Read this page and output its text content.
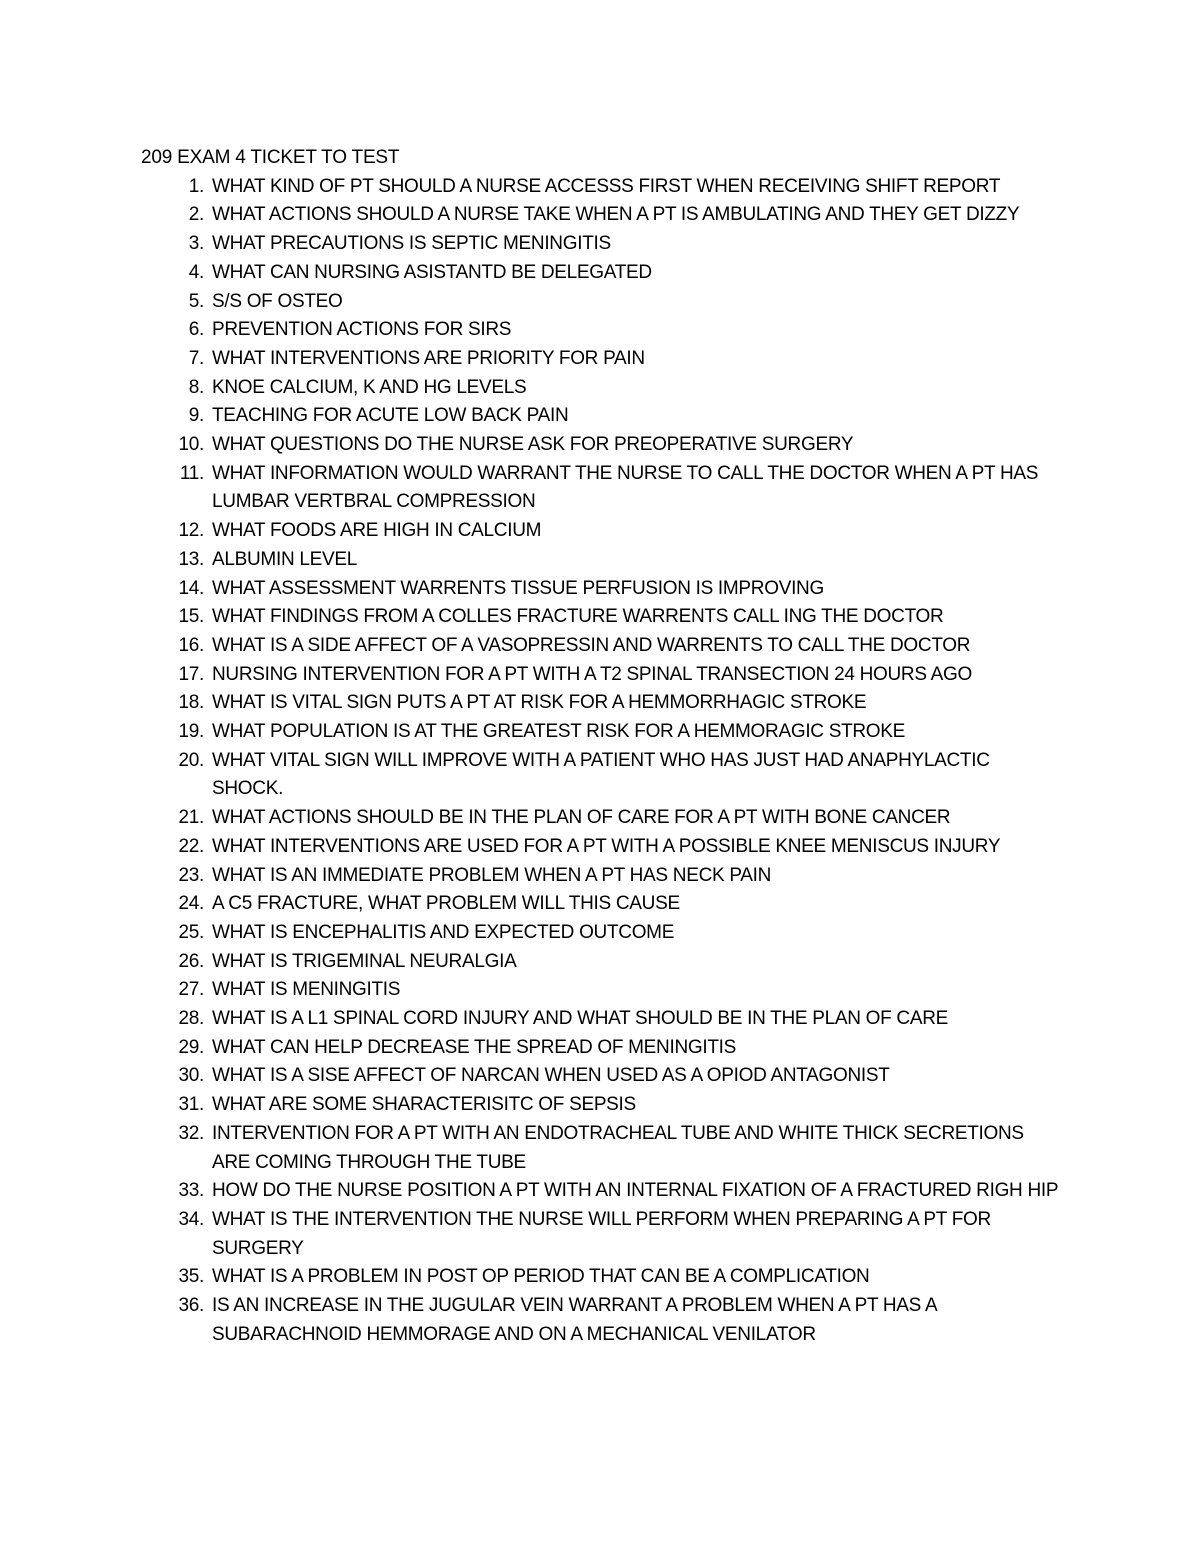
209 EXAM 4 TICKET TO TEST
1. WHAT KIND OF PT SHOULD A NURSE ACCESSS FIRST WHEN RECEIVING SHIFT REPORT
2. WHAT ACTIONS SHOULD A NURSE TAKE WHEN A PT IS AMBULATING AND THEY GET DIZZY
3. WHAT PRECAUTIONS IS SEPTIC MENINGITIS
4. WHAT CAN NURSING ASISTANTD BE DELEGATED
5. S/S OF OSTEO
6. PREVENTION ACTIONS FOR SIRS
7. WHAT INTERVENTIONS ARE PRIORITY FOR PAIN
8. KNOE CALCIUM, K AND HG LEVELS
9. TEACHING FOR ACUTE LOW BACK PAIN
10. WHAT QUESTIONS DO THE NURSE ASK FOR PREOPERATIVE SURGERY
11. WHAT INFORMATION WOULD WARRANT THE NURSE TO CALL THE DOCTOR WHEN A PT HAS LUMBAR VERTBRAL COMPRESSION
12. WHAT FOODS ARE HIGH IN CALCIUM
13. ALBUMIN LEVEL
14. WHAT ASSESSMENT WARRENTS TISSUE PERFUSION IS IMPROVING
15. WHAT FINDINGS FROM A COLLES FRACTURE WARRENTS CALL ING THE DOCTOR
16. WHAT IS A SIDE AFFECT OF A VASOPRESSIN AND WARRENTS TO CALL THE DOCTOR
17. NURSING INTERVENTION FOR A PT WITH A T2 SPINAL TRANSECTION 24 HOURS AGO
18. WHAT IS VITAL SIGN PUTS A PT AT RISK FOR A HEMMORRHAGIC STROKE
19. WHAT POPULATION IS AT THE GREATEST RISK FOR A HEMMORAGIC STROKE
20. WHAT VITAL SIGN WILL IMPROVE WITH A PATIENT WHO HAS JUST HAD ANAPHYLACTIC SHOCK.
21. WHAT ACTIONS SHOULD BE IN THE PLAN OF CARE FOR A PT WITH BONE CANCER
22. WHAT INTERVENTIONS ARE USED FOR A PT WITH A POSSIBLE KNEE MENISCUS INJURY
23. WHAT IS AN IMMEDIATE PROBLEM WHEN A PT HAS NECK PAIN
24. A C5 FRACTURE, WHAT PROBLEM WILL THIS CAUSE
25. WHAT IS ENCEPHALITIS AND EXPECTED OUTCOME
26. WHAT IS TRIGEMINAL NEURALGIA
27. WHAT IS MENINGITIS
28. WHAT IS A L1 SPINAL CORD INJURY AND WHAT SHOULD BE IN THE PLAN OF CARE
29. WHAT CAN HELP DECREASE THE SPREAD OF MENINGITIS
30. WHAT IS A SISE AFFECT OF NARCAN WHEN USED AS A OPIOD ANTAGONIST
31. WHAT ARE SOME SHARACTERISITC OF SEPSIS
32. INTERVENTION FOR A PT WITH AN ENDOTRACHEAL TUBE AND WHITE THICK SECRETIONS ARE COMING THROUGH THE TUBE
33. HOW DO THE NURSE POSITION A PT WITH AN INTERNAL FIXATION OF A FRACTURED RIGH HIP
34. WHAT IS THE INTERVENTION THE NURSE WILL PERFORM WHEN PREPARING A PT FOR SURGERY
35. WHAT IS A PROBLEM IN POST OP PERIOD THAT CAN BE A COMPLICATION
36. IS AN INCREASE IN THE JUGULAR VEIN WARRANT A PROBLEM WHEN A PT HAS A SUBARACHNOID HEMMORAGE AND ON A MECHANICAL VENILATOR
